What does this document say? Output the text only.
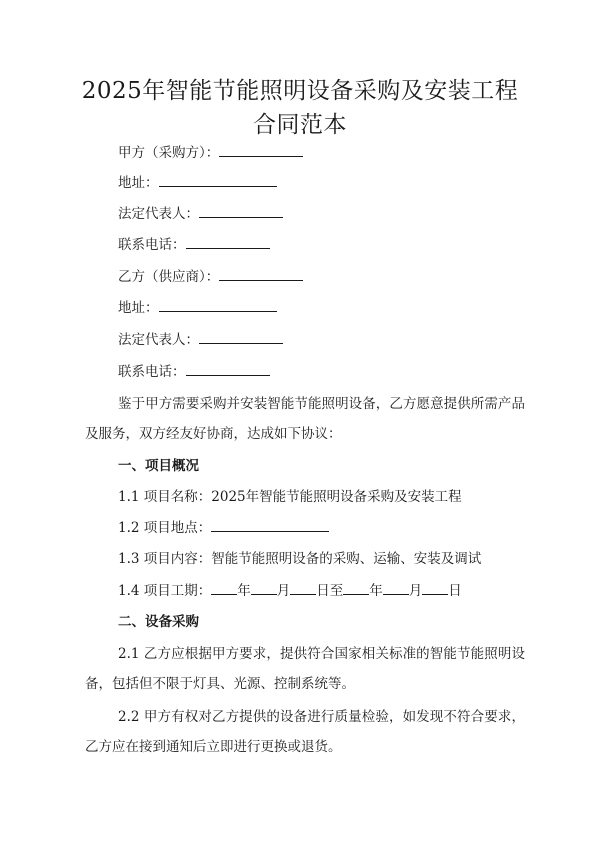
2025年智能节能照明设备采购及安装工程
合同范本
甲方（采购方）：
地址：
法定代表人：
联系电话：
乙方（供应商）：
地址：
法定代表人：
联系电话：
鉴于甲方需要采购并安装智能节能照明设备，乙方愿意提供所需产品及服务，双方经友好协商，达成如下协议：
一、项目概况
1.1 项目名称：2025年智能节能照明设备采购及安装工程
1.2 项目地点：
1.3 项目内容：智能节能照明设备的采购、运输、安装及调试
1.4 项目工期： 年 月 日至 年 月 日
二、设备采购
2.1 乙方应根据甲方要求，提供符合国家相关标准的智能节能照明设备，包括但不限于灯具、光源、控制系统等。
2.2 甲方有权对乙方提供的设备进行质量检验，如发现不符合要求，乙方应在接到通知后立即进行更换或退货。
